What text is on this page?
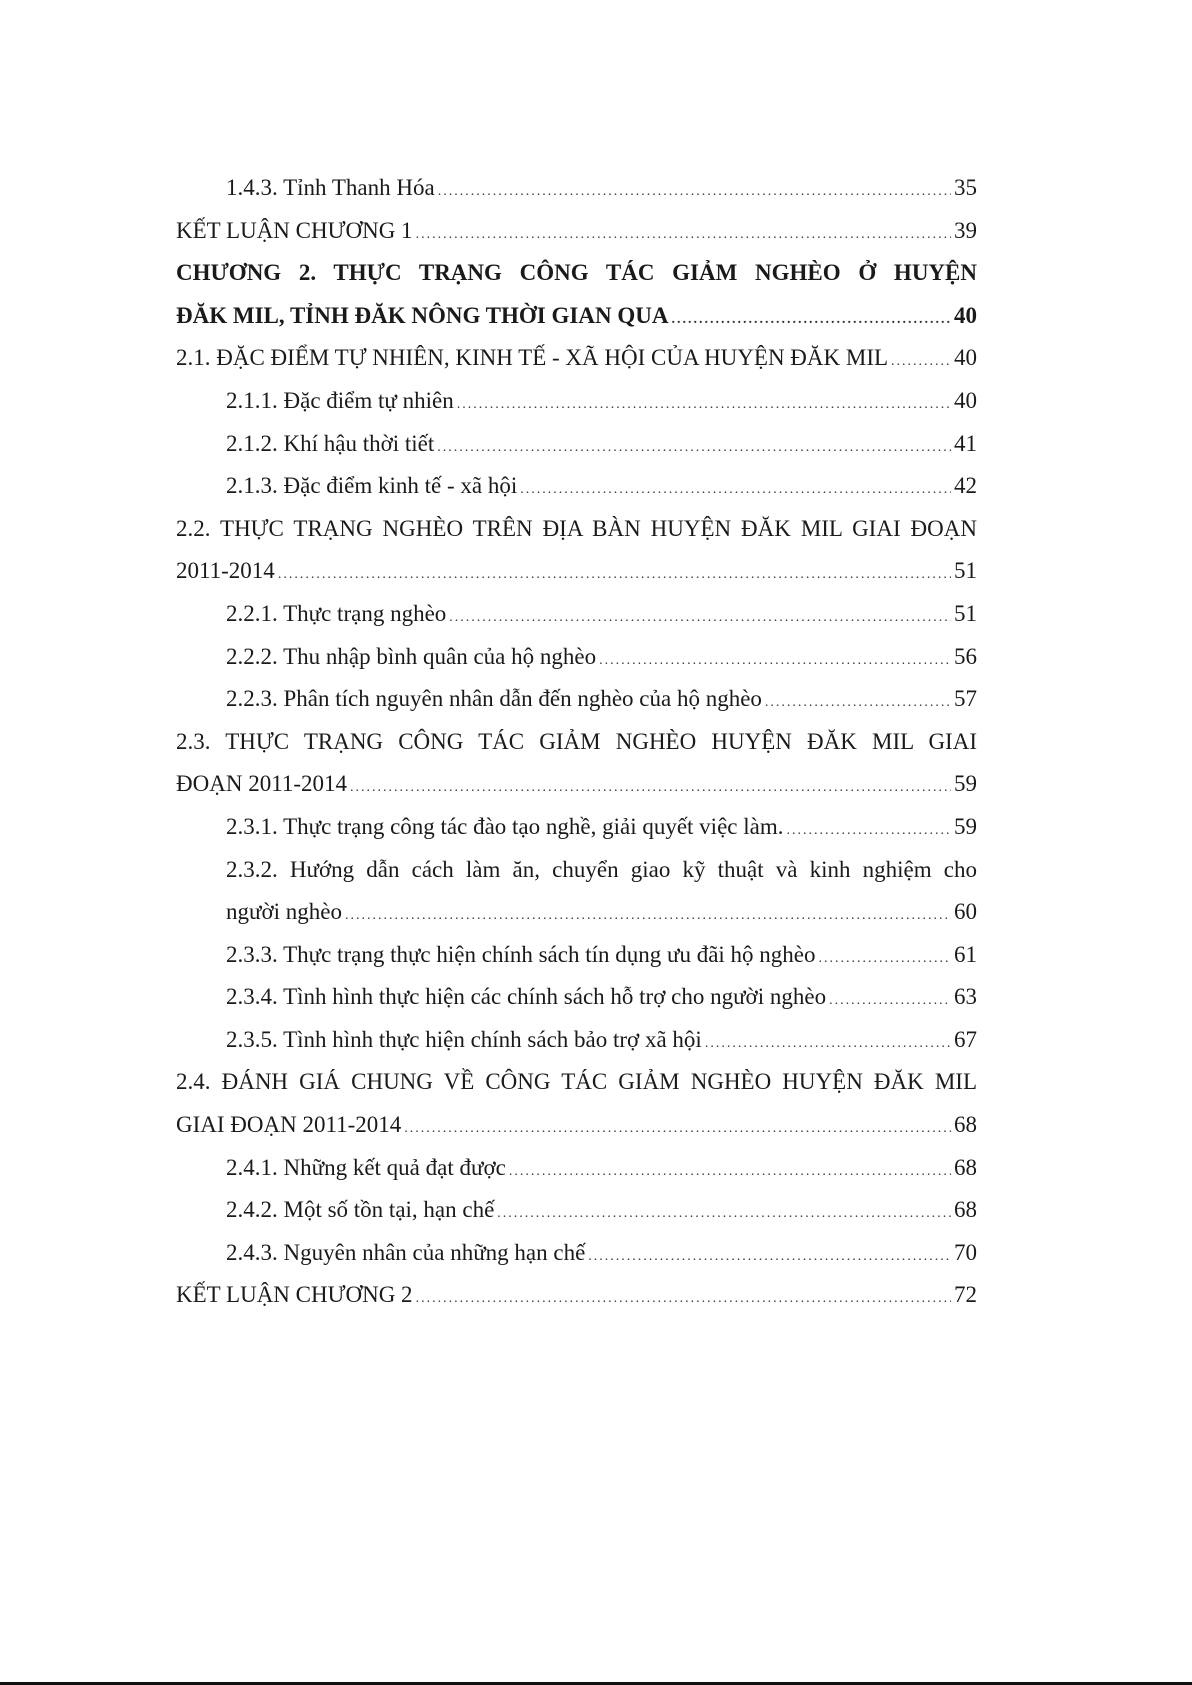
1.4.3. Tỉnh Thanh Hóa .....	35
KẾT LUẬN CHƯƠNG 1 .....	39
CHƯƠNG 2. THỰC TRẠNG CÔNG TÁC GIẢM NGHÈO Ở HUYỆN
ĐĂK MIL, TỈNH ĐĂK NÔNG THỜI GIAN QUA .....	40
2.1. ĐẶC ĐIỂM TỰ NHIÊN, KINH TẾ - XÃ HỘI CỦA HUYỆN ĐĂK MIL .....	40
2.1.1. Đặc điểm tự nhiên .....	40
2.1.2. Khí hậu thời tiết .....	41
2.1.3. Đặc điểm kinh tế - xã hội .....	42
2.2. THỰC TRẠNG NGHÈO TRÊN ĐỊA BÀN HUYỆN ĐĂK MIL GIAI ĐOẠN
2011-2014 .....	51
2.2.1. Thực trạng nghèo .....	51
2.2.2. Thu nhập bình quân của hộ nghèo .....	56
2.2.3. Phân tích nguyên nhân dẫn đến nghèo của hộ nghèo .....	57
2.3. THỰC TRẠNG CÔNG TÁC GIẢM NGHÈO HUYỆN ĐĂK MIL GIAI
ĐOẠN 2011-2014 .....	59
2.3.1. Thực trạng công tác đào tạo nghề, giải quyết việc làm. .....	59
2.3.2. Hướng dẫn cách làm ăn, chuyển giao kỹ thuật và kinh nghiệm cho
người nghèo .....	60
2.3.3. Thực trạng thực hiện chính sách tín dụng ưu đãi hộ nghèo .....	61
2.3.4. Tình hình thực hiện các chính sách hỗ trợ cho người nghèo .....	63
2.3.5. Tình hình thực hiện chính sách bảo trợ xã hội .....	67
2.4. ĐÁNH GIÁ CHUNG VỀ CÔNG TÁC GIẢM NGHÈO HUYỆN ĐĂK MIL
GIAI ĐOẠN 2011-2014 .....	68
2.4.1. Những kết quả đạt được .....	68
2.4.2. Một số tồn tại, hạn chế .....	68
2.4.3. Nguyên nhân của những hạn chế .....	70
KẾT LUẬN CHƯƠNG 2 .....	72
